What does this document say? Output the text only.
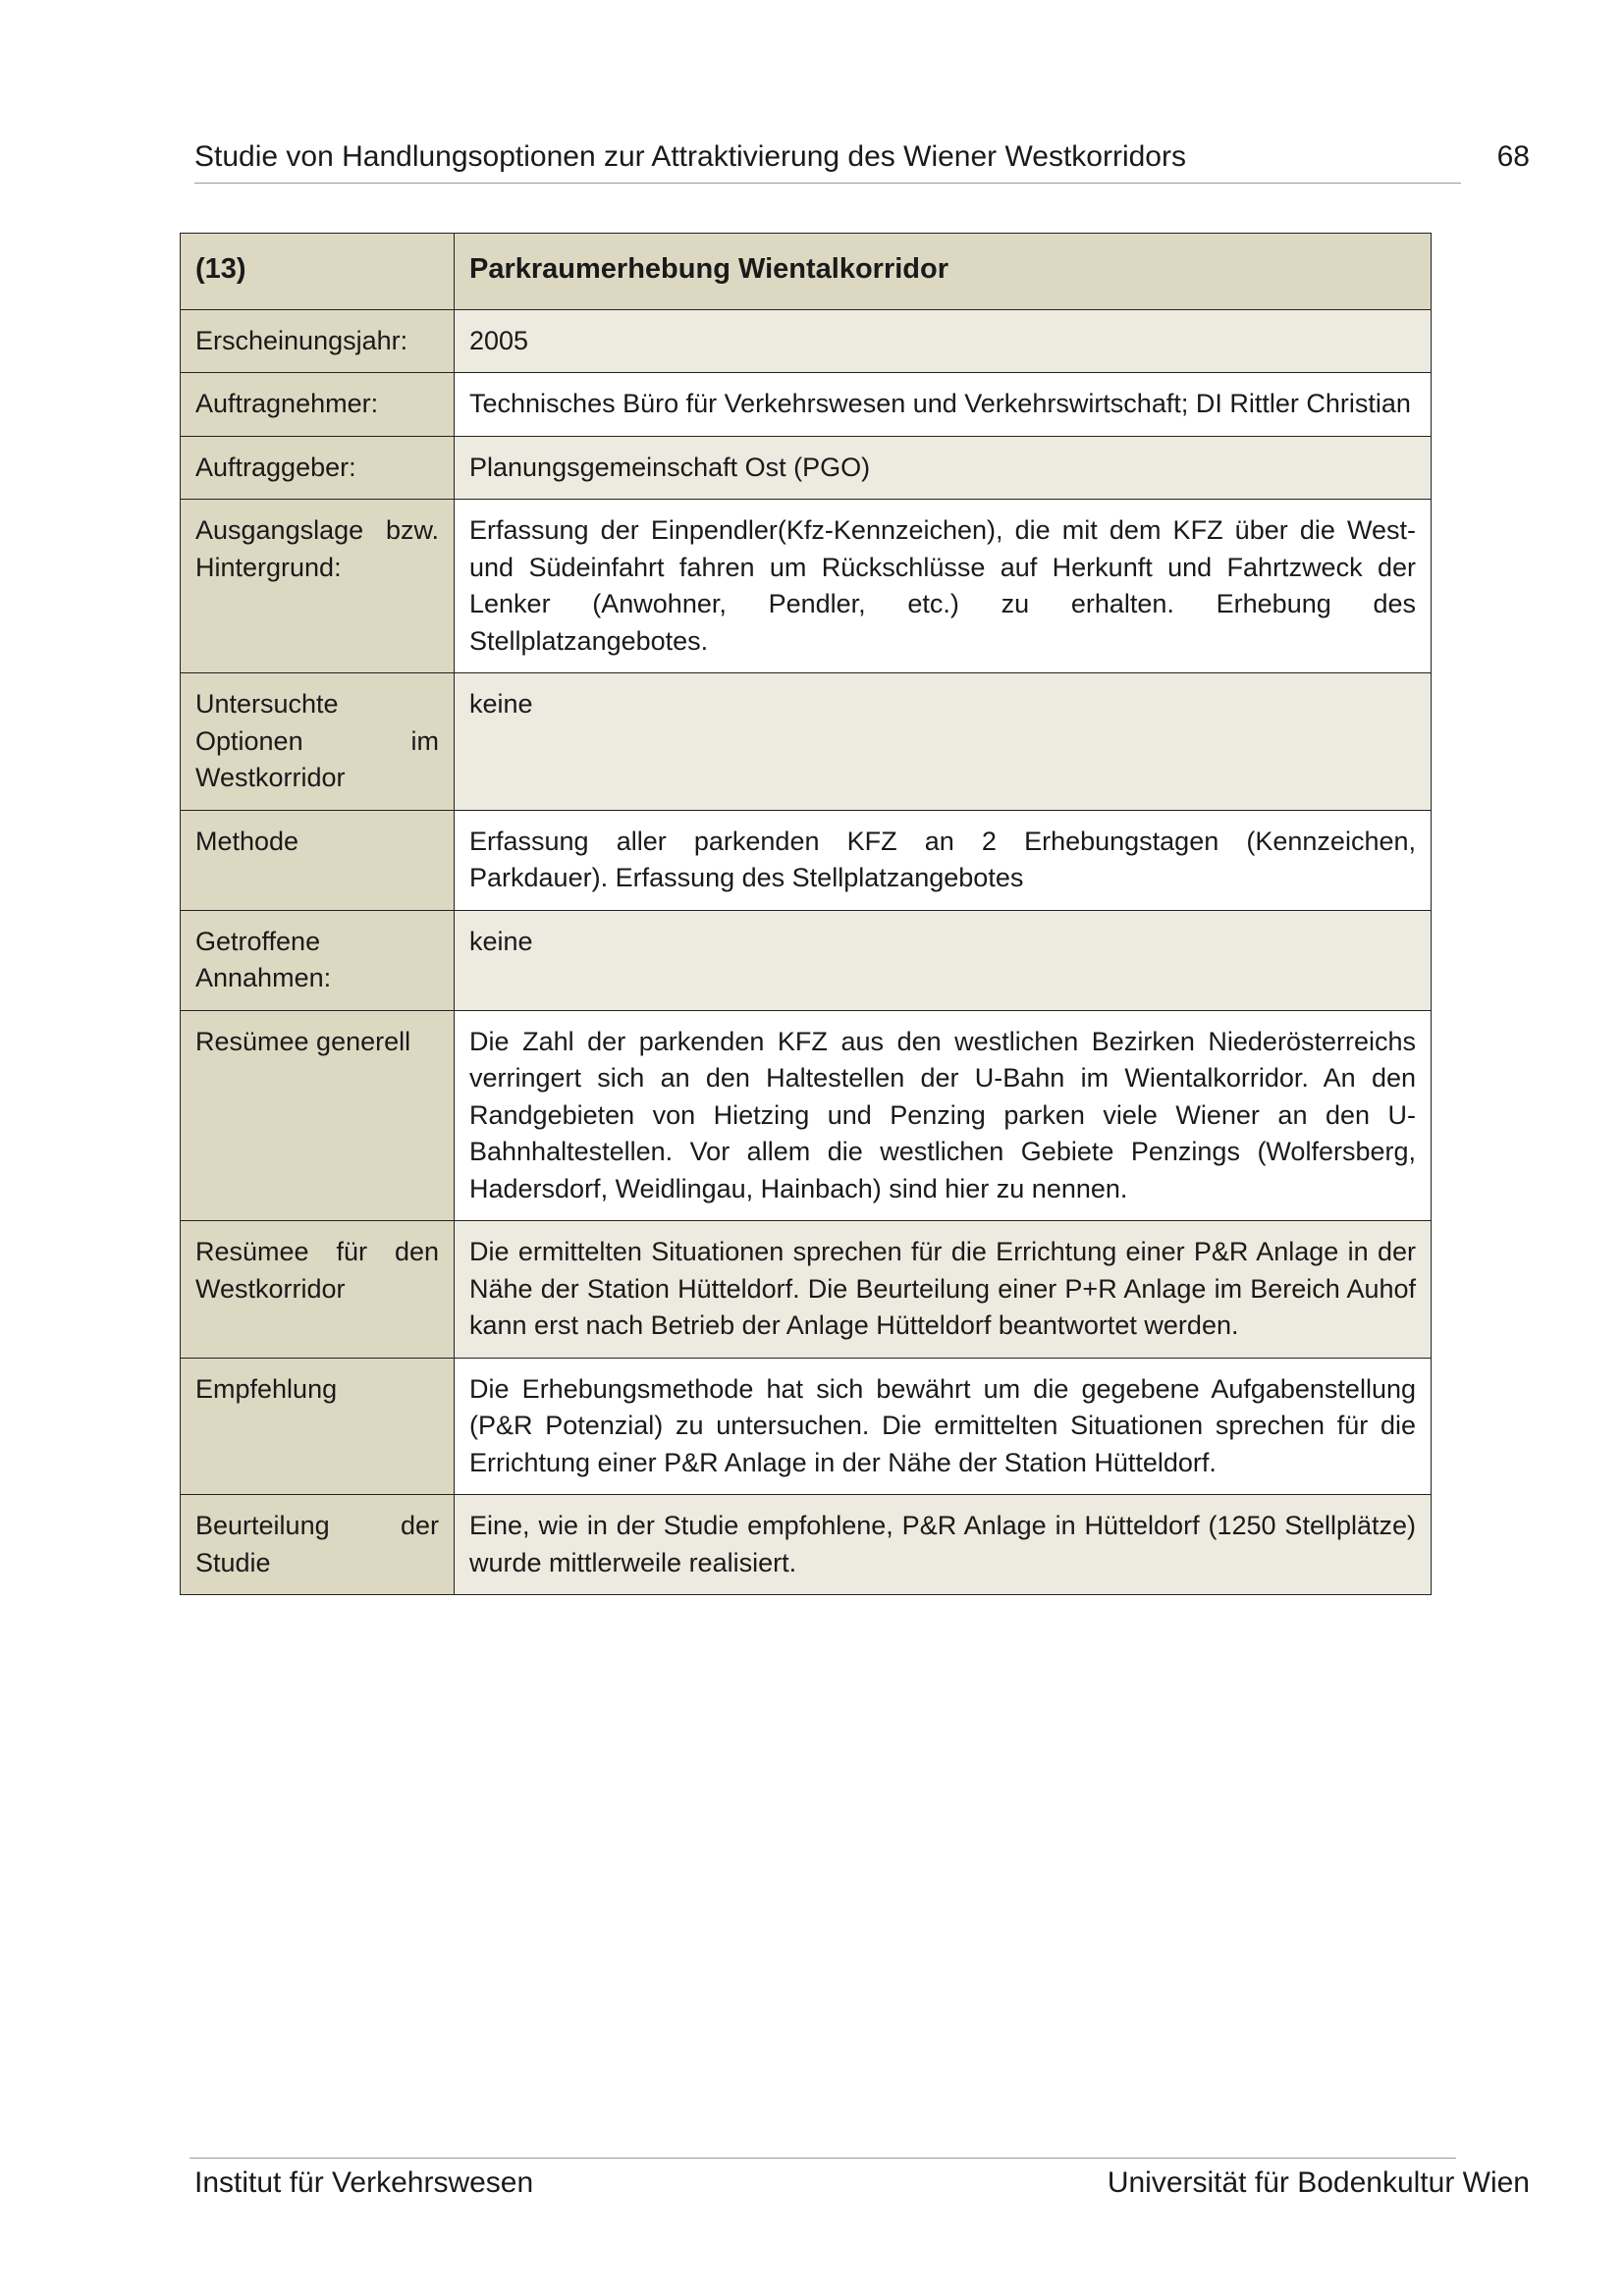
Studie von Handlungsoptionen zur Attraktivierung des Wiener Westkorridors	68
(13)	Parkraumerhebung Wientalkorridor
Erscheinungsjahr:	2005
Auftragnehmer:	Technisches Büro für Verkehrswesen und Verkehrswirtschaft; DI Rittler Christian
Auftraggeber:	Planungsgemeinschaft Ost (PGO)
Ausgangslage bzw. Hintergrund:	Erfassung der Einpendler(Kfz-Kennzeichen), die mit dem KFZ über die West- und Südeinfahrt fahren um Rückschlüsse auf Herkunft und Fahrtzweck der Lenker (Anwohner, Pendler, etc.) zu erhalten. Erhebung des Stellplatzangebotes.
Untersuchte Optionen im Westkorridor	keine
Methode	Erfassung aller parkenden KFZ an 2 Erhebungstagen (Kennzeichen, Parkdauer). Erfassung des Stellplatzangebotes
Getroffene Annahmen:	keine
Resümee generell	Die Zahl der parkenden KFZ aus den westlichen Bezirken Niederösterreichs verringert sich an den Haltestellen der U-Bahn im Wientalkorridor. An den Randgebieten von Hietzing und Penzing parken viele Wiener an den U-Bahnhaltestellen. Vor allem die westlichen Gebiete Penzings (Wolfersberg, Hadersdorf, Weidlingau, Hainbach) sind hier zu nennen.
Resümee für den Westkorridor	Die ermittelten Situationen sprechen für die Errichtung einer P&R Anlage in der Nähe der Station Hütteldorf. Die Beurteilung einer P+R Anlage im Bereich Auhof kann erst nach Betrieb der Anlage Hütteldorf beantwortet werden.
Empfehlung	Die Erhebungsmethode hat sich bewährt um die gegebene Aufgabenstellung (P&R Potenzial) zu untersuchen. Die ermittelten Situationen sprechen für die Errichtung einer P&R Anlage in der Nähe der Station Hütteldorf.
Beurteilung der Studie	Eine, wie in der Studie empfohlene, P&R Anlage in Hütteldorf (1250 Stellplätze) wurde mittlerweile realisiert.
Institut für Verkehrswesen	Universität für Bodenkultur Wien
